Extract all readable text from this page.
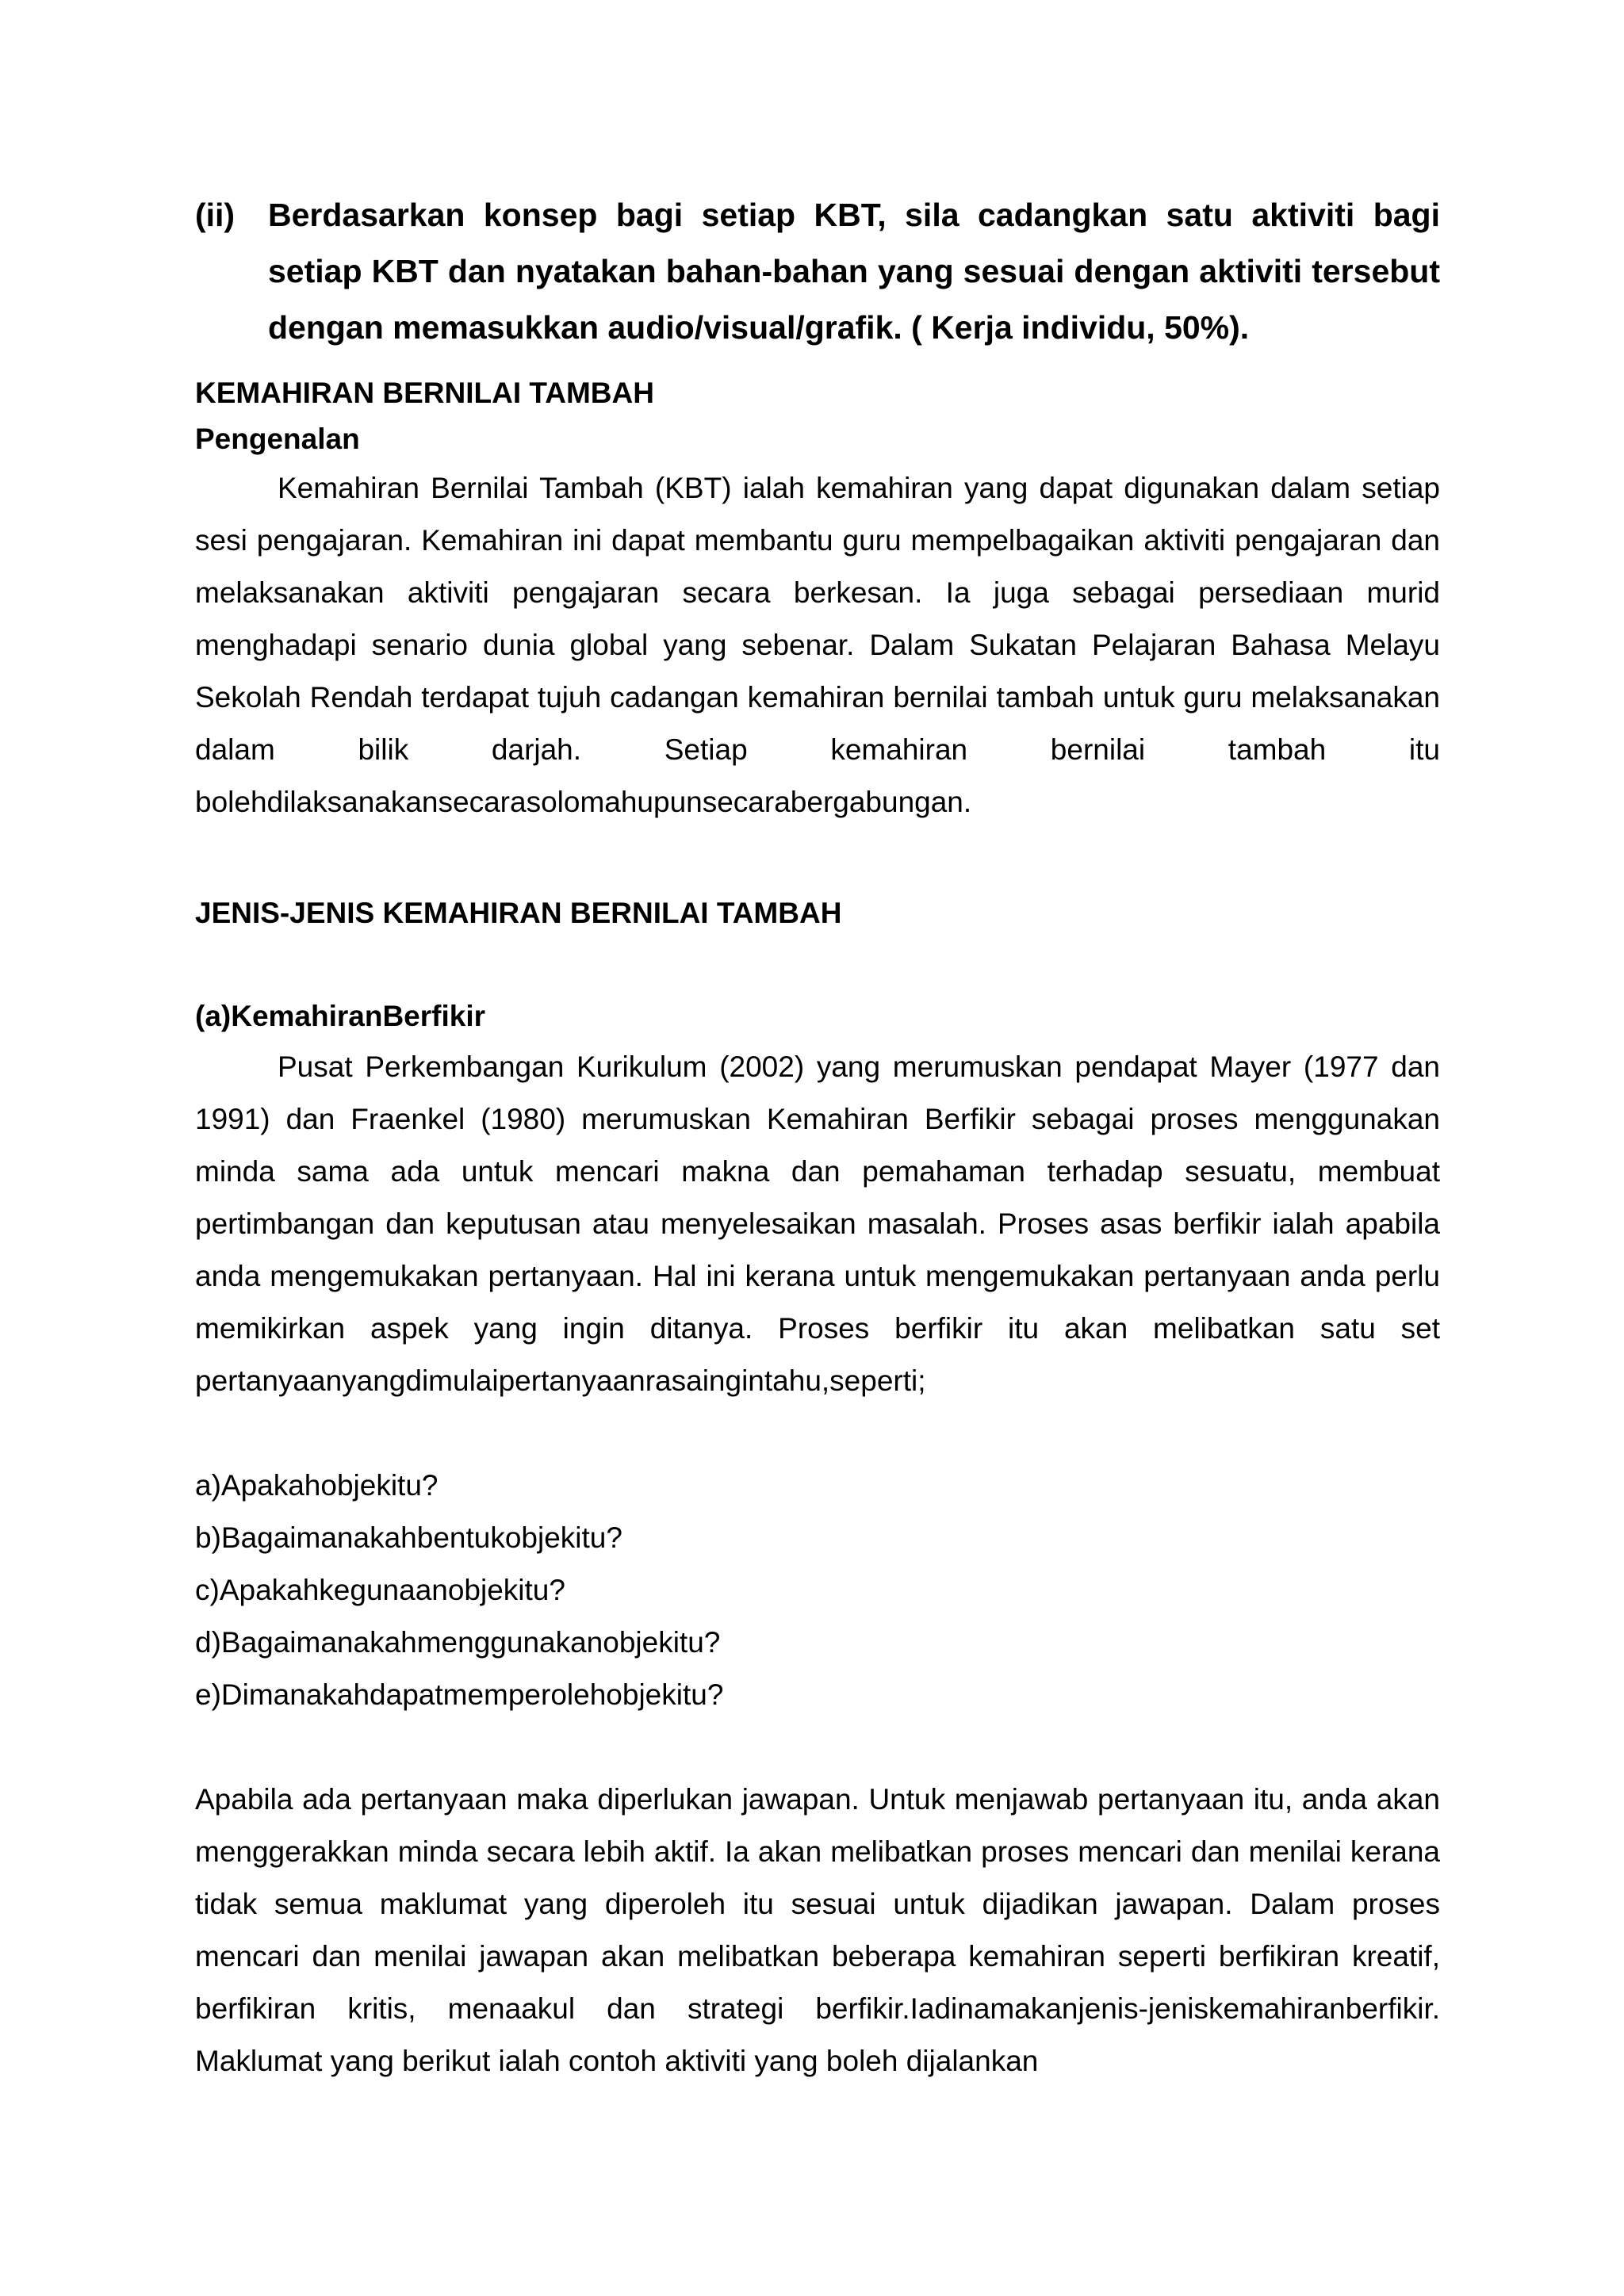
(ii)	Berdasarkan konsep bagi setiap KBT, sila cadangkan satu aktiviti bagi setiap KBT dan nyatakan bahan-bahan yang sesuai dengan aktiviti tersebut dengan memasukkan audio/visual/grafik. ( Kerja individu, 50%).

KEMAHIRAN BERNILAI TAMBAH

Pengenalan

Kemahiran Bernilai Tambah (KBT) ialah kemahiran yang dapat digunakan dalam setiap sesi pengajaran. Kemahiran ini dapat membantu guru mempelbagaikan aktiviti pengajaran dan melaksanakan aktiviti pengajaran secara berkesan. Ia juga sebagai persediaan murid menghadapi senario dunia global yang sebenar. Dalam Sukatan Pelajaran Bahasa Melayu Sekolah Rendah terdapat tujuh cadangan kemahiran bernilai tambah untuk guru melaksanakan dalam bilik darjah. Setiap kemahiran bernilai tambah itu bolehdilaksanakansecarasolomahupunsecarabergabungan.

JENIS-JENIS KEMAHIRAN BERNILAI TAMBAH

(a)KemahiranBerfikir

Pusat Perkembangan Kurikulum (2002) yang merumuskan pendapat Mayer (1977 dan 1991) dan Fraenkel (1980) merumuskan Kemahiran Berfikir sebagai proses menggunakan minda sama ada untuk mencari makna dan pemahaman terhadap sesuatu, membuat pertimbangan dan keputusan atau menyelesaikan masalah. Proses asas berfikir ialah apabila anda mengemukakan pertanyaan. Hal ini kerana untuk mengemukakan pertanyaan anda perlu memikirkan aspek yang ingin ditanya. Proses berfikir itu akan melibatkan satu set pertanyaanyangdimulaipertanyaanrasaingintahu,seperti;

a)Apakahobjekitu?
b)Bagaimanakahbentukobjekitu?
c)Apakahkegunaanobjekitu?
d)Bagaimanakahmenggunakanobjekitu?
e)Dimanakahdapatmemperolehobjekitu?

Apabila ada pertanyaan maka diperlukan jawapan. Untuk menjawab pertanyaan itu, anda akan menggerakkan minda secara lebih aktif. Ia akan melibatkan proses mencari dan menilai kerana tidak semua maklumat yang diperoleh itu sesuai untuk dijadikan jawapan. Dalam proses mencari dan menilai jawapan akan melibatkan beberapa kemahiran seperti berfikiran kreatif, berfikiran kritis, menaakul dan strategi berfikir.Iadinamakanjenis-jeniskemahiranberfikir. Maklumat yang berikut ialah contoh aktiviti yang boleh dijalankan
